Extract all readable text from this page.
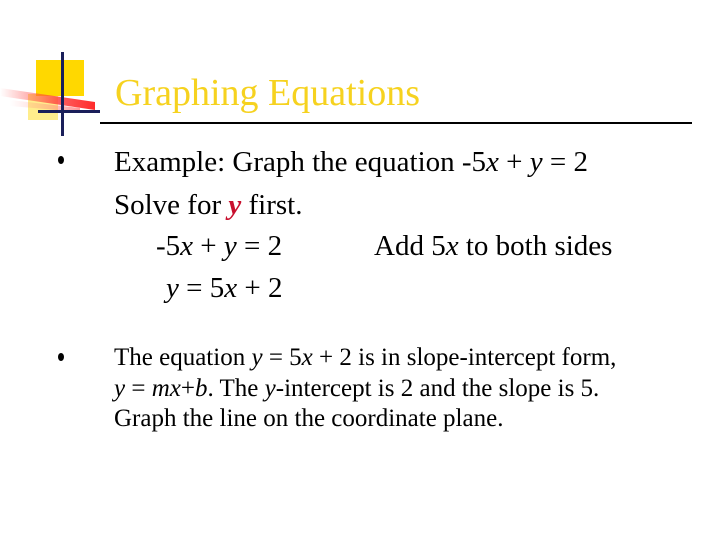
Graphing Equations
Example: Graph the equation -5x + y = 2
Solve for y first.
-5x + y = 2	Add 5x to both sides
y = 5x + 2
The equation y = 5x + 2 is in slope-intercept form,
y = mx+b. The y-intercept is 2 and the slope is 5.
Graph the line on the coordinate plane.
